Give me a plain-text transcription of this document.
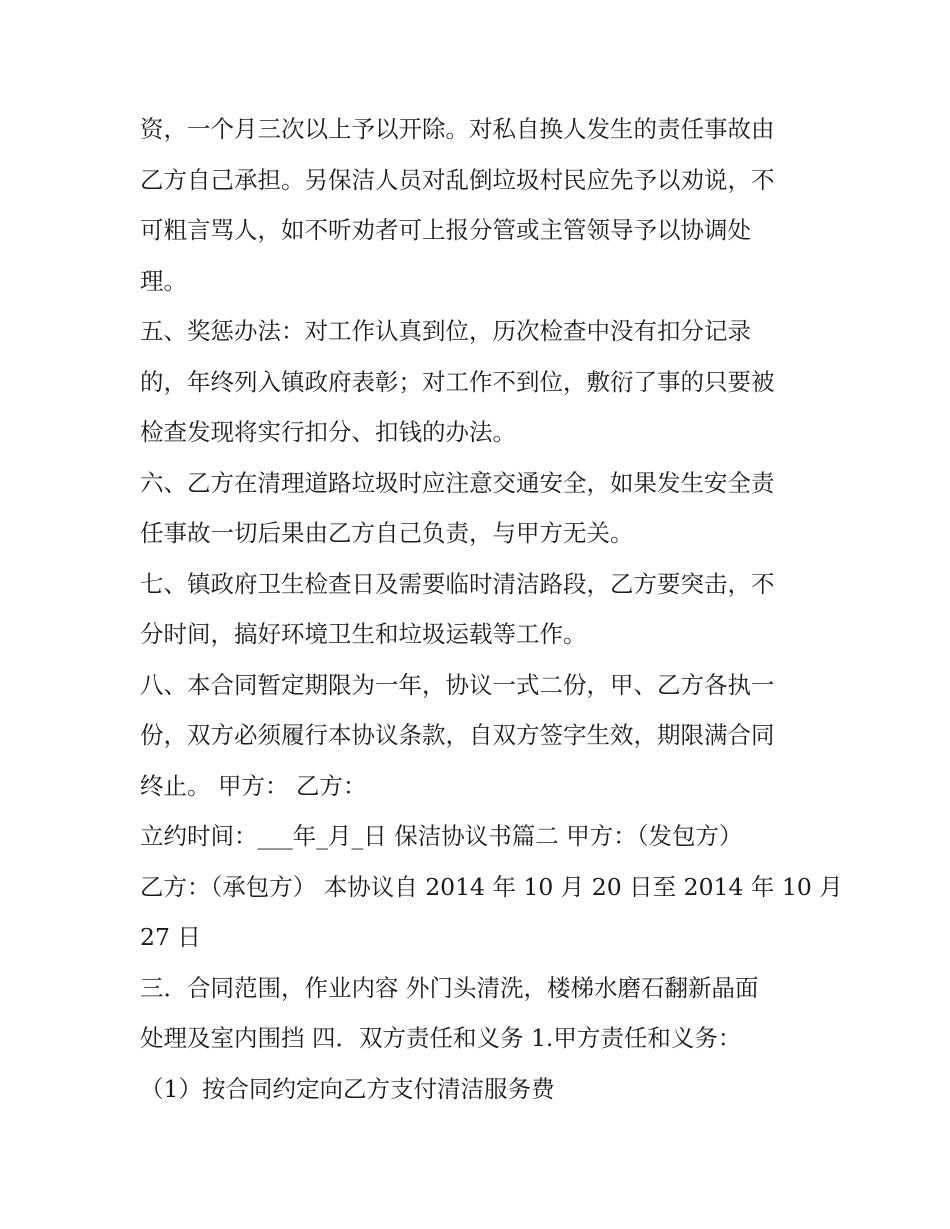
资，一个月三次以上予以开除。对私自换人发生的责任事故由
乙方自己承担。另保洁人员对乱倒垃圾村民应先予以劝说，不
可粗言骂人，如不听劝者可上报分管或主管领导予以协调处
理。
五、奖惩办法：对工作认真到位，历次检查中没有扣分记录
的，年终列入镇政府表彰；对工作不到位，敷衍了事的只要被
检查发现将实行扣分、扣钱的办法。
六、乙方在清理道路垃圾时应注意交通安全，如果发生安全责
任事故一切后果由乙方自己负责，与甲方无关。
七、镇政府卫生检查日及需要临时清洁路段，乙方要突击，不
分时间，搞好环境卫生和垃圾运载等工作。
八、本合同暂定期限为一年，协议一式二份，甲、乙方各执一
份，双方必须履行本协议条款，自双方签字生效，期限满合同
终止。 甲方： 乙方：
立约时间：___年_月_日 保洁协议书篇二 甲方：（发包方）
乙方：（承包方） 本协议自 2014 年 10 月 20 日至 2014 年 10 月
27 日
三．合同范围，作业内容 外门头清洗，楼梯水磨石翻新晶面
处理及室内围挡 四．双方责任和义务 1.甲方责任和义务：
（1）按合同约定向乙方支付清洁服务费
